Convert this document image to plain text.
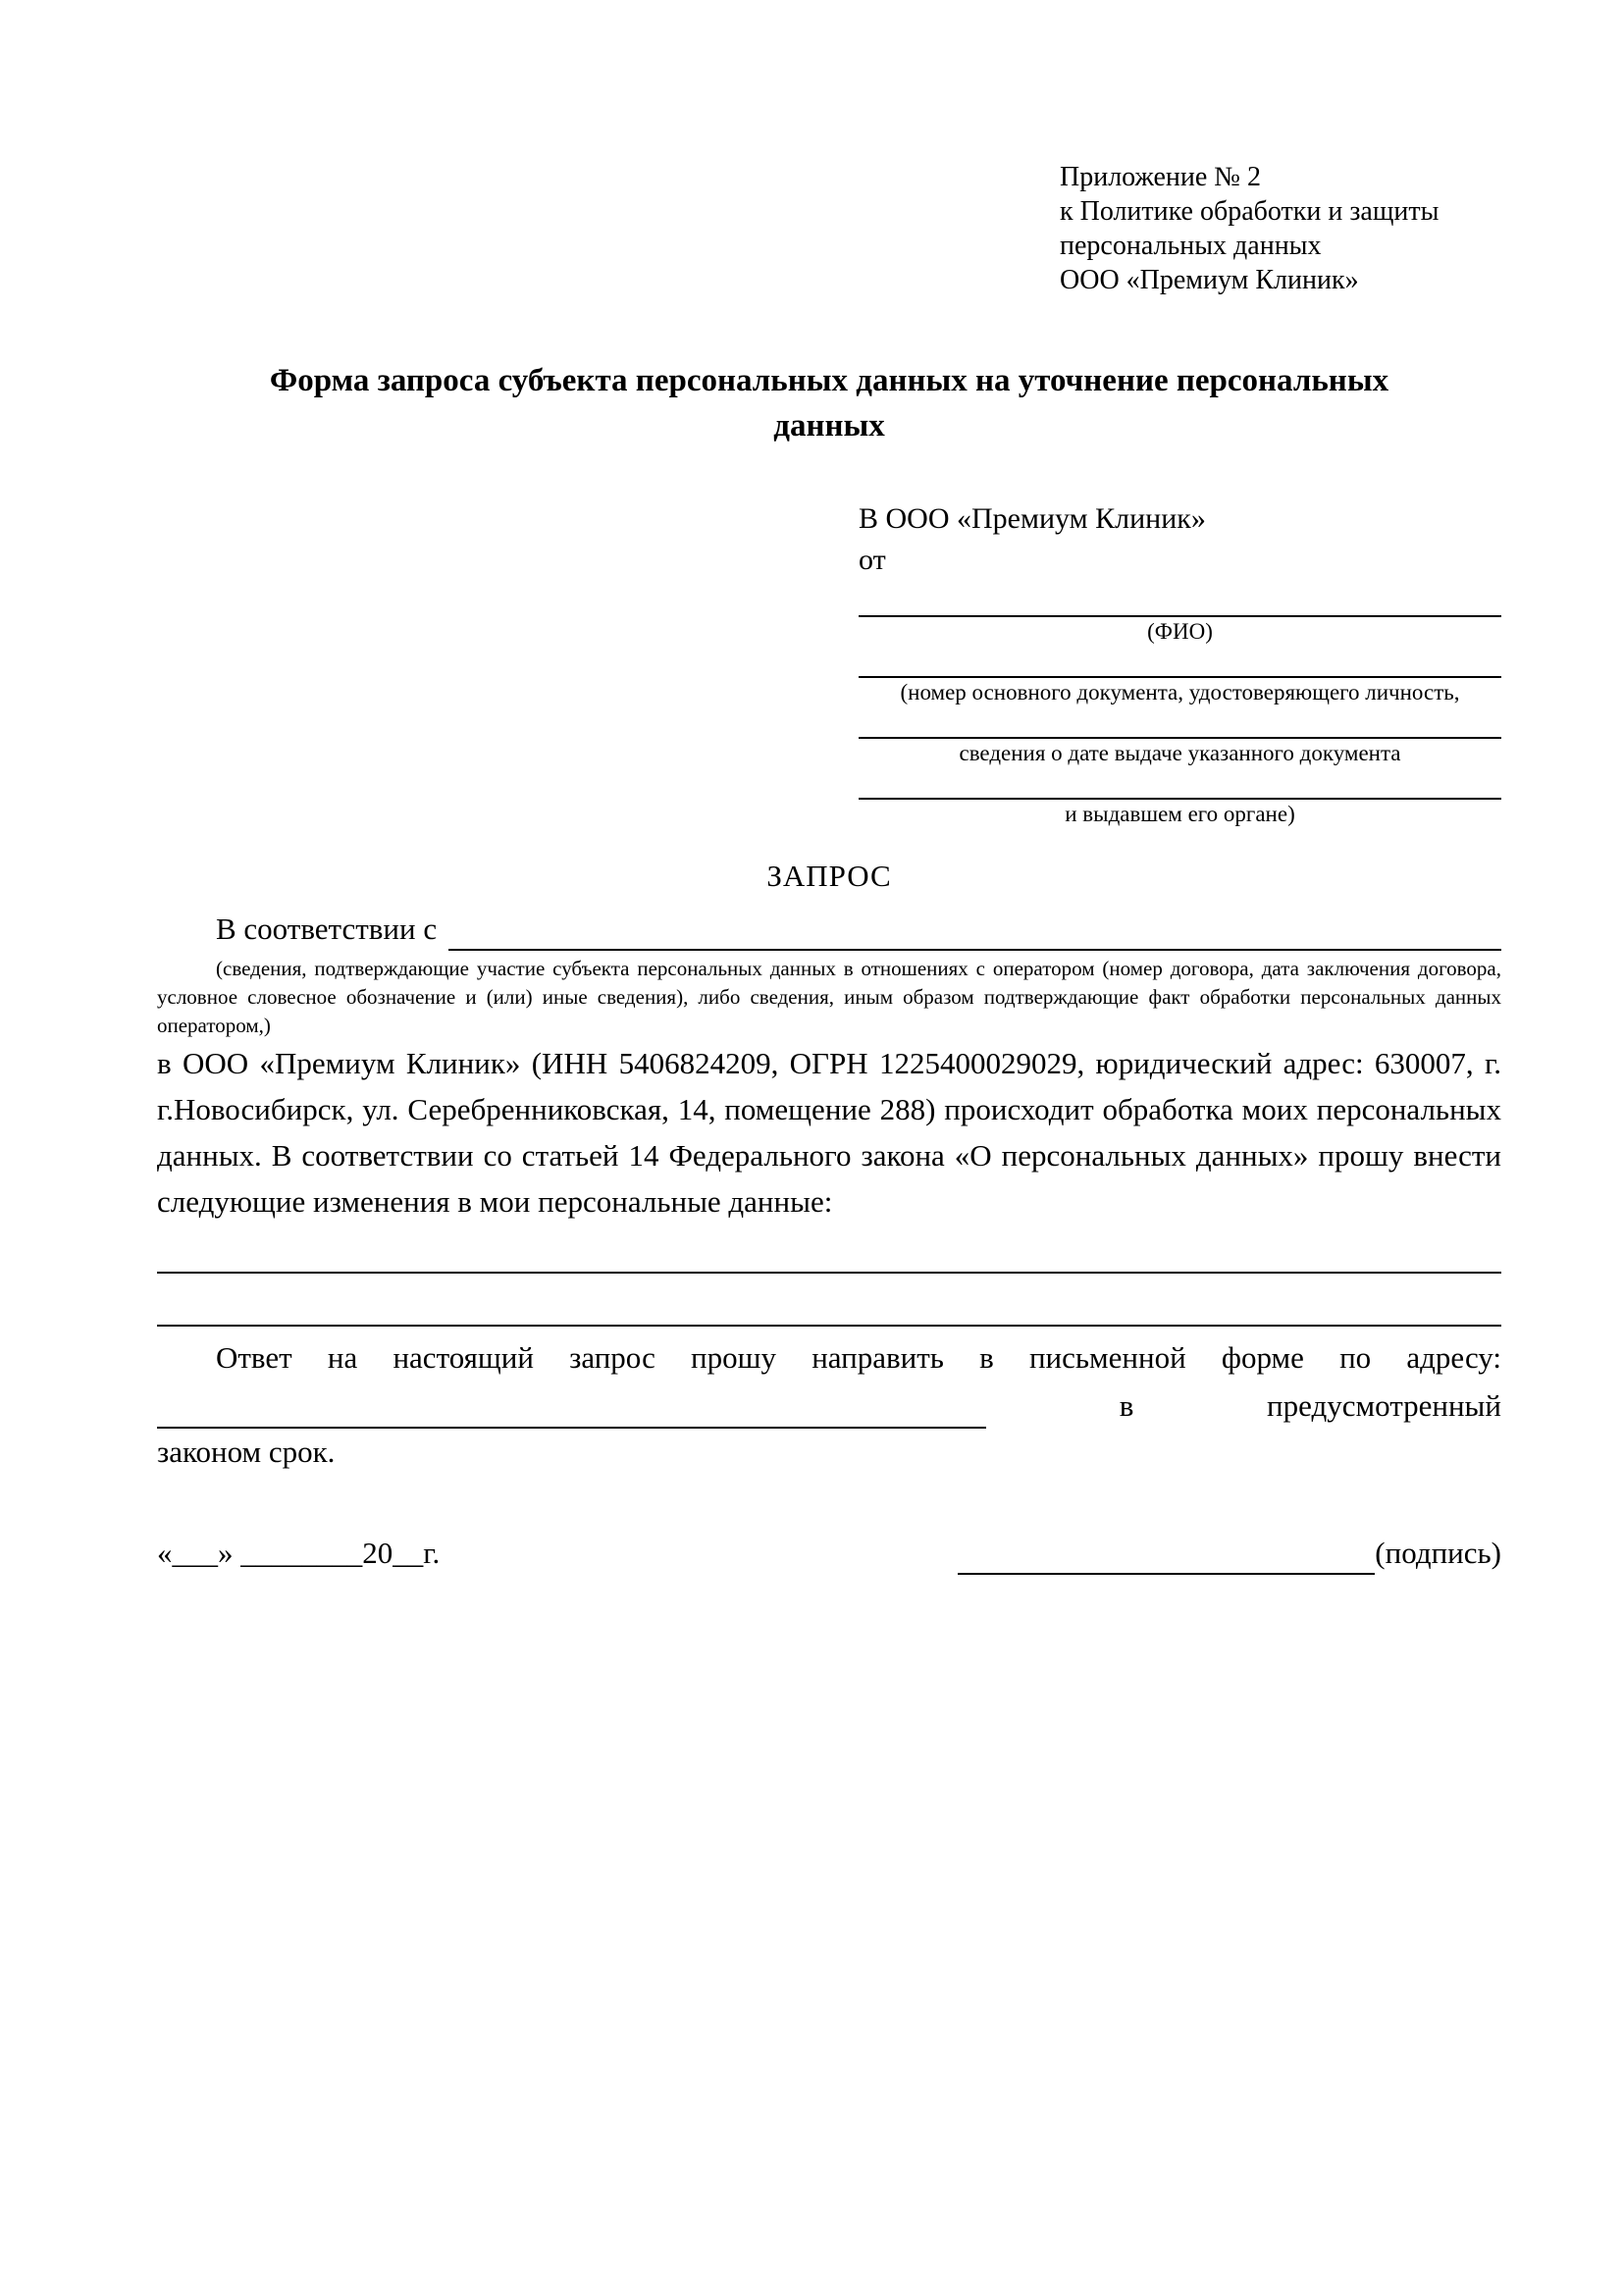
Приложение № 2
к Политике обработки и защиты
персональных данных
ООО «Премиум Клиник»
Форма запроса субъекта персональных данных на уточнение персональных данных
В ООО «Премиум Клиник»
от
(ФИО)
(номер основного документа, удостоверяющего личность,
сведения о дате выдаче указанного документа
и выдавшем его органе)
ЗАПРОС
В соответствии с
(сведения, подтверждающие участие субъекта персональных данных в отношениях с оператором (номер договора, дата заключения договора, условное словесное обозначение и (или) иные сведения), либо сведения, иным образом подтверждающие факт обработки персональных данных оператором,)
в ООО «Премиум Клиник» (ИНН 5406824209, ОГРН 1225400029029, юридический адрес: 630007, г. г.Новосибирск, ул. Серебренниковская, 14, помещение 288) происходит обработка моих персональных данных. В соответствии со статьей 14 Федерального закона «О персональных данных» прошу внести следующие изменения в мои персональные данные:
Ответ на настоящий запрос прошу направить в письменной форме по адресу:
в	предусмотренный
законом срок.
«___» ________20__г.	(подпись)
